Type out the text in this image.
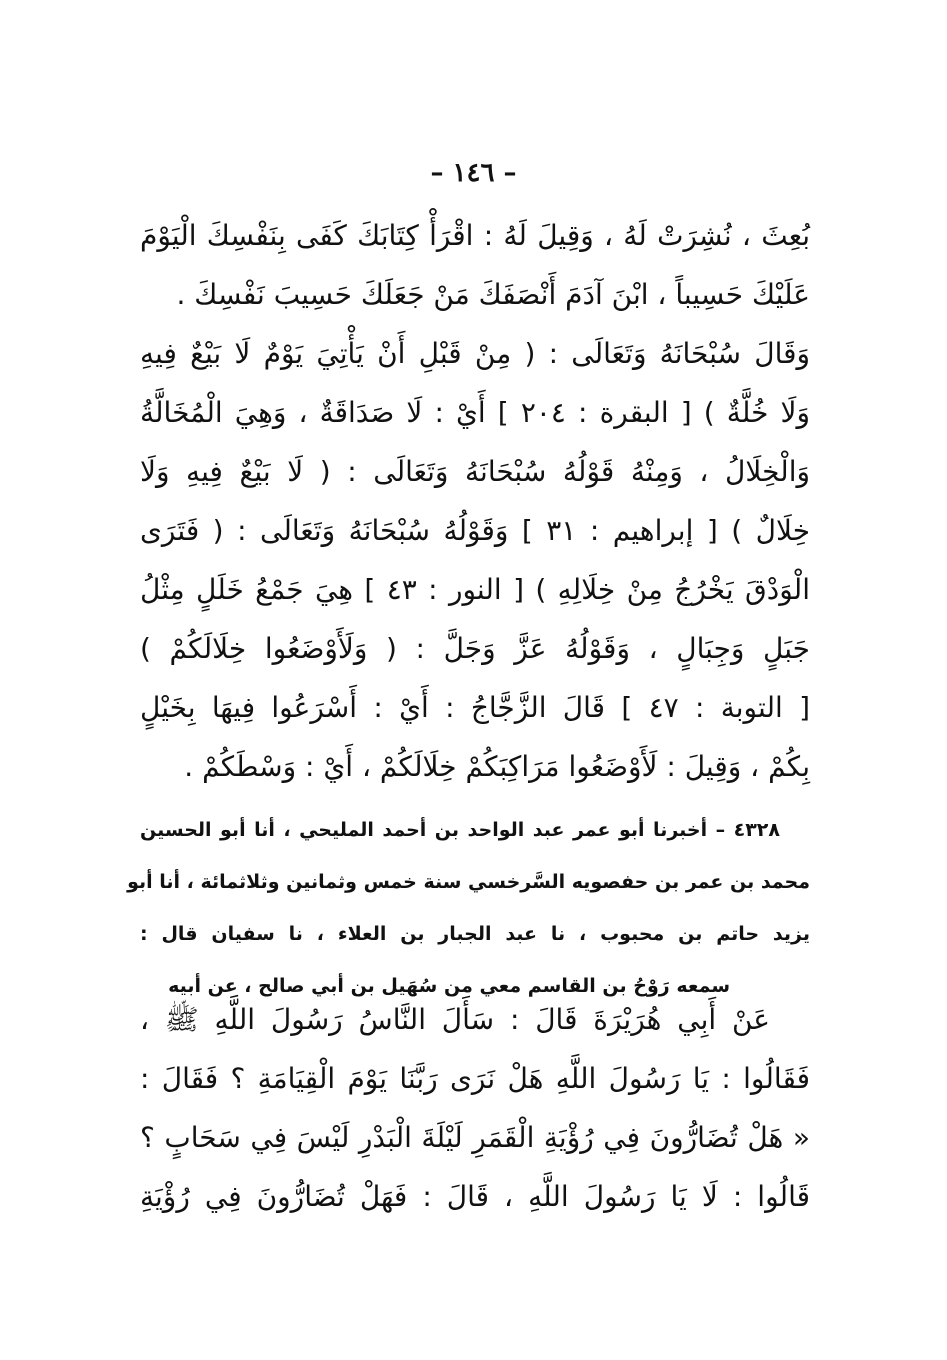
– ١٤٦ –
بُعِثَ ، نُشِرَتْ لَهُ ، وَقِيلَ لَهُ : اقْرَأْ كِتَابَكَ كَفَى بِنَفْسِكَ الْيَوْمَ
عَلَيْكَ حَسِيباً ، ابْنَ آدَمَ أَنْصَفَكَ مَنْ جَعَلَكَ حَسِيبَ نَفْسِكَ .
وَقَالَ سُبْحَانَهُ وَتَعَالَى : ( مِنْ قَبْلِ أَنْ يَأْتِيَ يَوْمٌ لَا بَيْعٌ فِيهِ
وَلَا خُلَّةٌ ) [ البقرة : ٢٠٤ ] أَيْ : لَا صَدَاقَةٌ ، وَهِيَ الْمُخَالَّةُ
وَالْخِلَالُ ، وَمِنْهُ قَوْلُهُ سُبْحَانَهُ وَتَعَالَى : ( لَا بَيْعٌ فِيهِ وَلَا
خِلَالٌ ) [ إبراهيم : ٣١ ] وَقَوْلُهُ سُبْحَانَهُ وَتَعَالَى : ( فَتَرَى
الْوَدْقَ يَخْرُجُ مِنْ خِلَالِهِ ) [ النور : ٤٣ ] هِيَ جَمْعُ خَلَلٍ مِثْلُ
جَبَلٍ وَجِبَالٍ ، وَقَوْلُهُ عَزَّ وَجَلَّ : ( وَلَأَوْضَعُوا خِلَالَكُمْ )
[ التوبة : ٤٧ ] قَالَ الزَّجَّاجُ : أَيْ : أَسْرَعُوا فِيهَا بِخَيْلٍ
بِكُمْ ، وَقِيلَ : لَأَوْضَعُوا مَرَاكِبَكُمْ خِلَالَكُمْ ، أَيْ : وَسْطَكُمْ .
٤٣٢٨ – أخبرنا أبو عمر عبد الواحد بن أحمد المليحي ، أنا أبو الحسين
محمد بن عمر بن حفصويه السَّرخسي سنة خمس وثمانين وثلاثمائة ، أنا أبو
يزيد حاتم بن محبوب ، نا عبد الجبار بن العلاء ، نا سفيان قال :
سمعه رَوْحُ بن القاسم معي من سُهَيل بن أبي صالح ، عن أبيه
عَنْ أَبِي هُرَيْرَةَ قَالَ : سَأَلَ النَّاسُ رَسُولَ اللَّهِ ﷺ ،
فَقَالُوا : يَا رَسُولَ اللَّهِ هَلْ نَرَى رَبَّنَا يَوْمَ الْقِيَامَةِ ؟ فَقَالَ :
« هَلْ تُضَارُّونَ فِي رُؤْيَةِ الْقَمَرِ لَيْلَةَ الْبَدْرِ لَيْسَ فِي سَحَابٍ ؟
قَالُوا : لَا يَا رَسُولَ اللَّهِ ، قَالَ : فَهَلْ تُضَارُّونَ فِي رُؤْيَةِ
